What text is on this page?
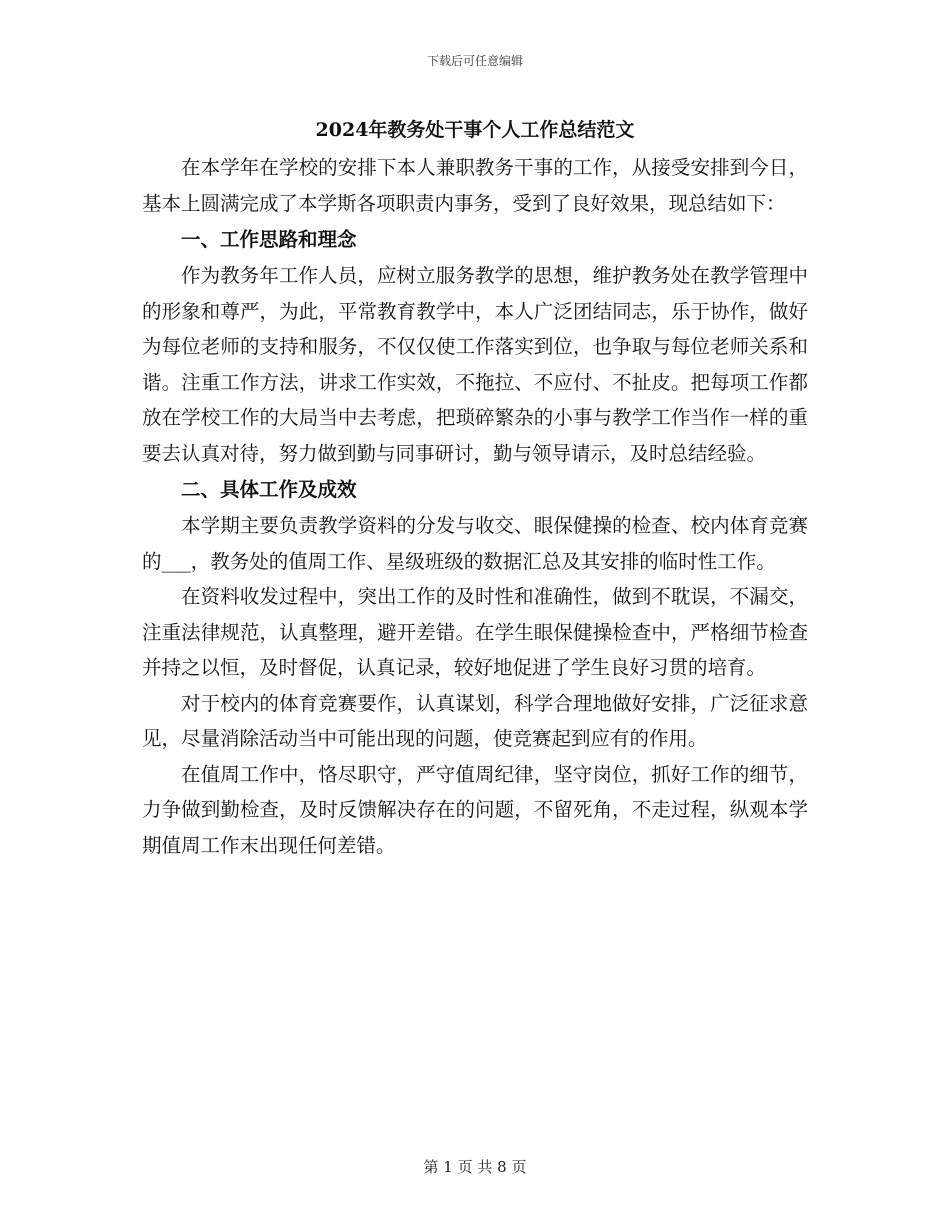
下载后可任意编辑
2024年教务处干事个人工作总结范文

在本学年在学校的安排下本人兼职教务干事的工作，从接受安排到今日，基本上圆满完成了本学斯各项职责内事务，受到了良好效果，现总结如下：

一、工作思路和理念

作为教务年工作人员，应树立服务教学的思想，维护教务处在教学管理中的形象和尊严，为此，平常教育教学中，本人广泛团结同志，乐于协作，做好为每位老师的支持和服务，不仅仅使工作落实到位，也争取与每位老师关系和谐。注重工作方法，讲求工作实效，不拖拉、不应付、不扯皮。把每项工作都放在学校工作的大局当中去考虑，把琐碎繁杂的小事与教学工作当作一样的重要去认真对待，努力做到勤与同事研讨，勤与领导请示，及时总结经验。

二、具体工作及成效

本学期主要负责教学资料的分发与收交、眼保健操的检查、校内体育竞赛的___，教务处的值周工作、星级班级的数据汇总及其安排的临时性工作。

在资料收发过程中，突出工作的及时性和准确性，做到不耽误，不漏交，注重法律规范，认真整理，避开差错。在学生眼保健操检查中，严格细节检查并持之以恒，及时督促，认真记录，较好地促进了学生良好习贯的培育。

对于校内的体育竞赛要作，认真谋划，科学合理地做好安排，广泛征求意见，尽量消除活动当中可能出现的问题，使竞赛起到应有的作用。

在值周工作中，恪尽职守，严守值周纪律，坚守岗位，抓好工作的细节，力争做到勤检查，及时反馈解决存在的问题，不留死角，不走过程，纵观本学期值周工作末出现任何差错。

第 1 页 共 8 页
